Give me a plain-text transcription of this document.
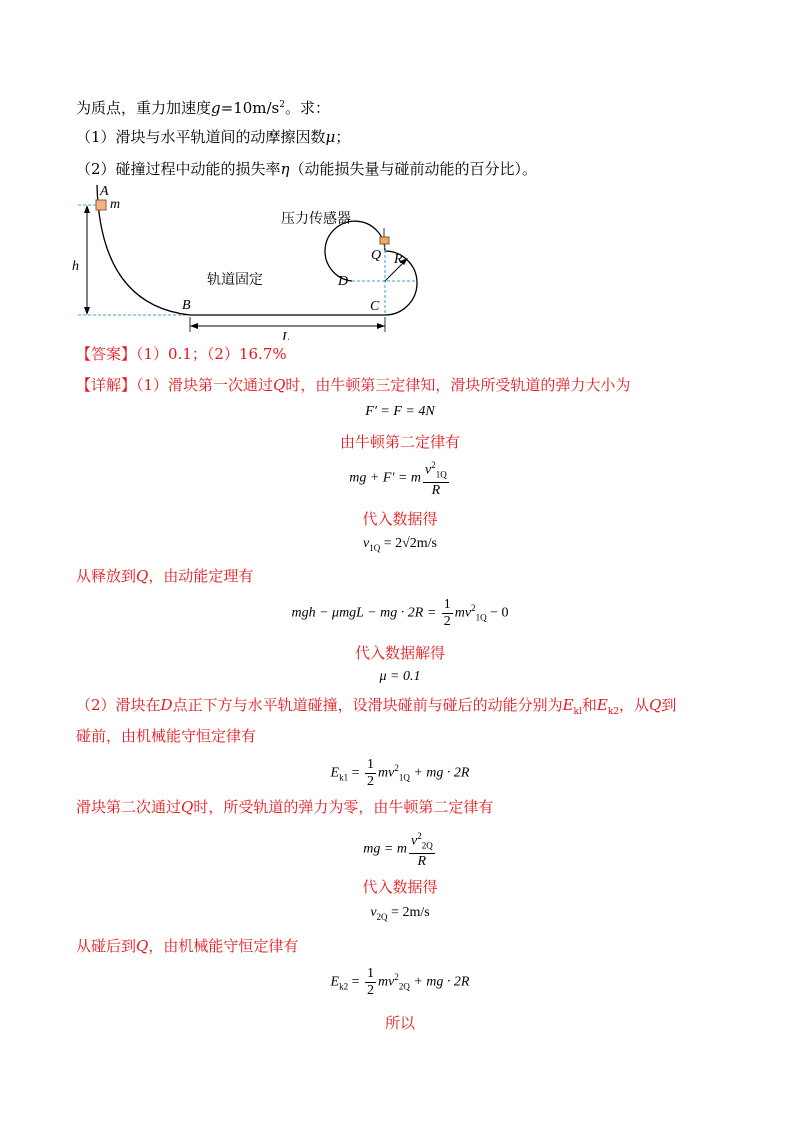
为质点，重力加速度$g=10m/s^2$。求：
（1）滑块与水平轨道间的动摩擦因数μ；
（2）碰撞过程中动能的损失率η（动能损失量与碰前动能的百分比）。
A
m
h
B
L
C
D
Q R
轨道固定
压力传感器
【答案】（1）0.1；（2）16.7%
【详解】（1）滑块第一次通过Q时，由牛顿第三定律知，滑块所受轨道的弹力大小为
F′ = F = 4N
由牛顿第二定律有
mg + F′ = m $\frac{v^2_{1Q}}{R}$
代入数据得
$v_{1Q} = 2√2m/s$
从释放到Q，由动能定理有
mgh − μmgL − mg · $2R = \frac{1}{2} mv^2_{1Q} - 0$
代入数据解得
μ = 0.1
（2）滑块在D点正下方与水平轨道碰撞，设滑块碰前与碰后的动能分别为$E_{kl}$和$E_{k2}$，从Q到
碰前，由机械能守恒定律有
$E_{k1} = \frac{1}{2} mv^2_{1Q}$ + mg · 2R
滑块第二次通过Q时，所受轨道的弹力为零，由牛顿第二定律有
mg = m $\frac{v^2_{2Q}}{R}$
代入数据得
$v_{2Q} = 2m/s$
从碰后到Q，由机械能守恒定律有
$E_{k2} = \frac{1}{2} mv^2_{2Q}$ + mg · 2R
所以
